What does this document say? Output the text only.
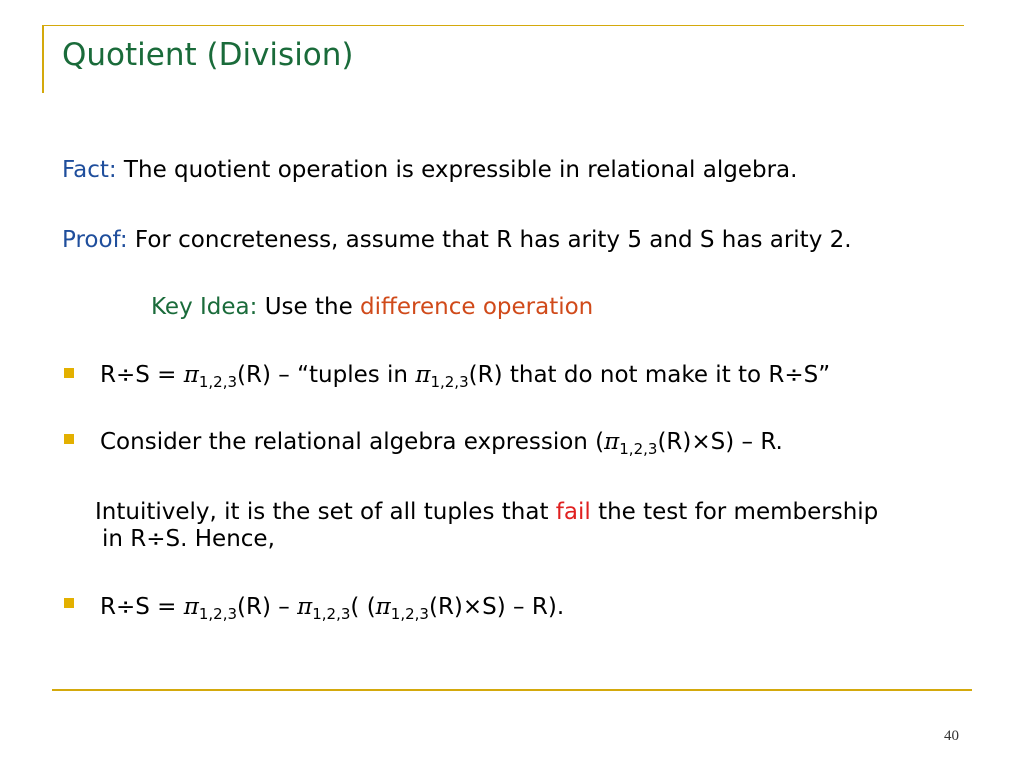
Quotient (Division)
Fact: The quotient operation is expressible in relational algebra.
Proof: For concreteness, assume that R has arity 5 and S has arity 2.
Key Idea: Use the difference operation
$R\div S = \pi_{1,2,3}(R)$ – “tuples in $\pi_{1,2,3}(R)$ that do not make it to R÷S”
Consider the relational algebra expression $(\pi_{1,2,3}(R)\times S) - R$.
Intuitively, it is the set of all tuples that fail the test for membership
in R÷S. Hence,
$R\div S = \pi_{1,2,3}(R) - \pi_{1,2,3}$( $(\pi_{1,2,3}(R)\times S) - R$).
40
